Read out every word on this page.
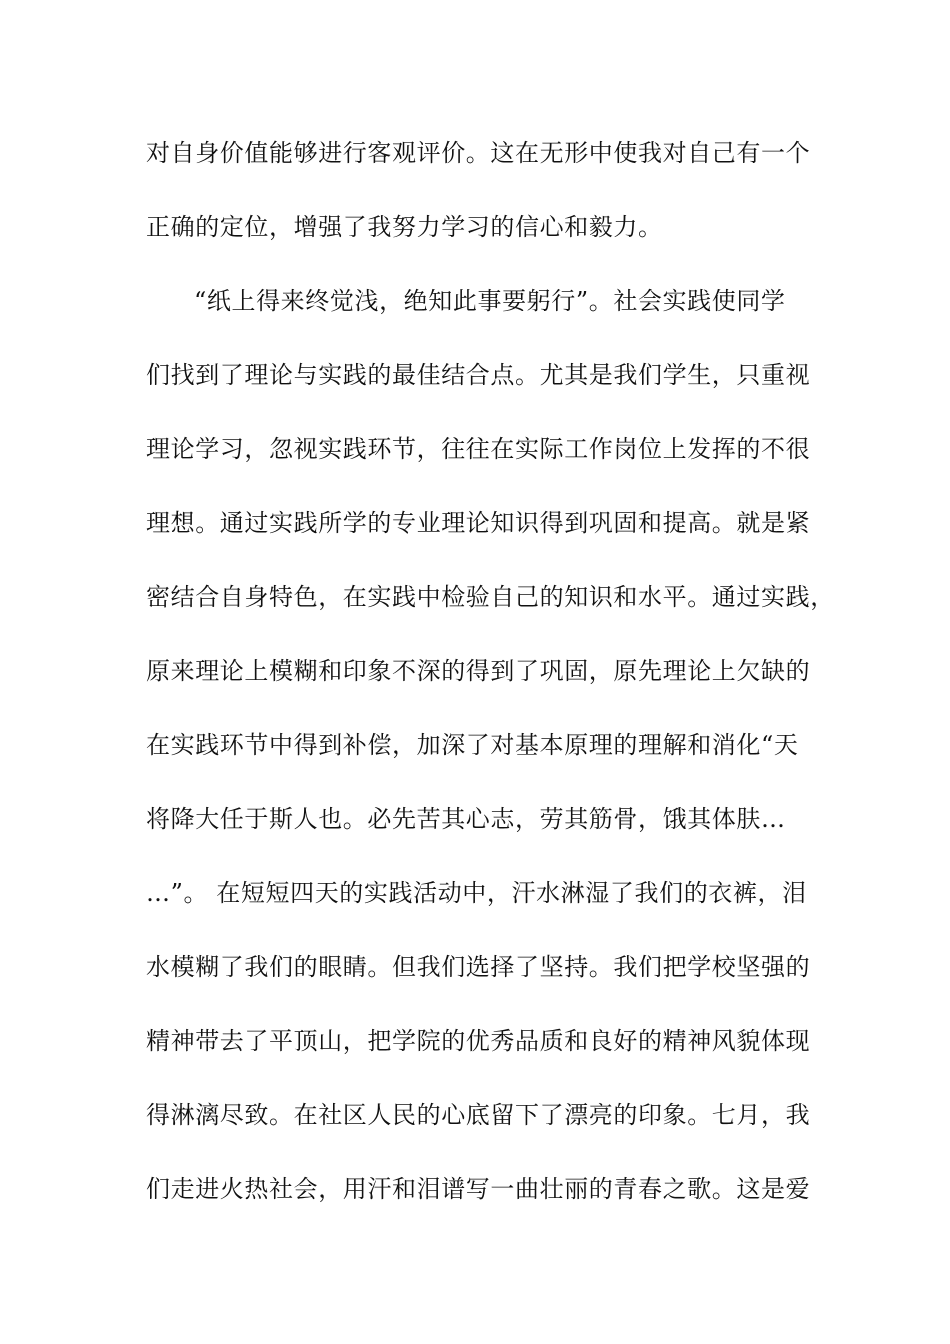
对自身价值能够进行客观评价。这在无形中使我对自己有一个
正确的定位，增强了我努力学习的信心和毅力。
“纸上得来终觉浅，绝知此事要躬行”。社会实践使同学
们找到了理论与实践的最佳结合点。尤其是我们学生，只重视
理论学习，忽视实践环节，往往在实际工作岗位上发挥的不很
理想。通过实践所学的专业理论知识得到巩固和提高。就是紧
密结合自身特色，在实践中检验自己的知识和水平。通过实践，
原来理论上模糊和印象不深的得到了巩固，原先理论上欠缺的
在实践环节中得到补偿，加深了对基本原理的理解和消化“天
将降大任于斯人也。必先苦其心志，劳其筋骨，饿其体肤…
…”。 在短短四天的实践活动中，汗水淋湿了我们的衣裤，泪
水模糊了我们的眼睛。但我们选择了坚持。我们把学校坚强的
精神带去了平顶山，把学院的优秀品质和良好的精神风貌体现
得淋漓尽致。在社区人民的心底留下了漂亮的印象。七月，我
们走进火热社会，用汗和泪谱写一曲壮丽的青春之歌。这是爱
